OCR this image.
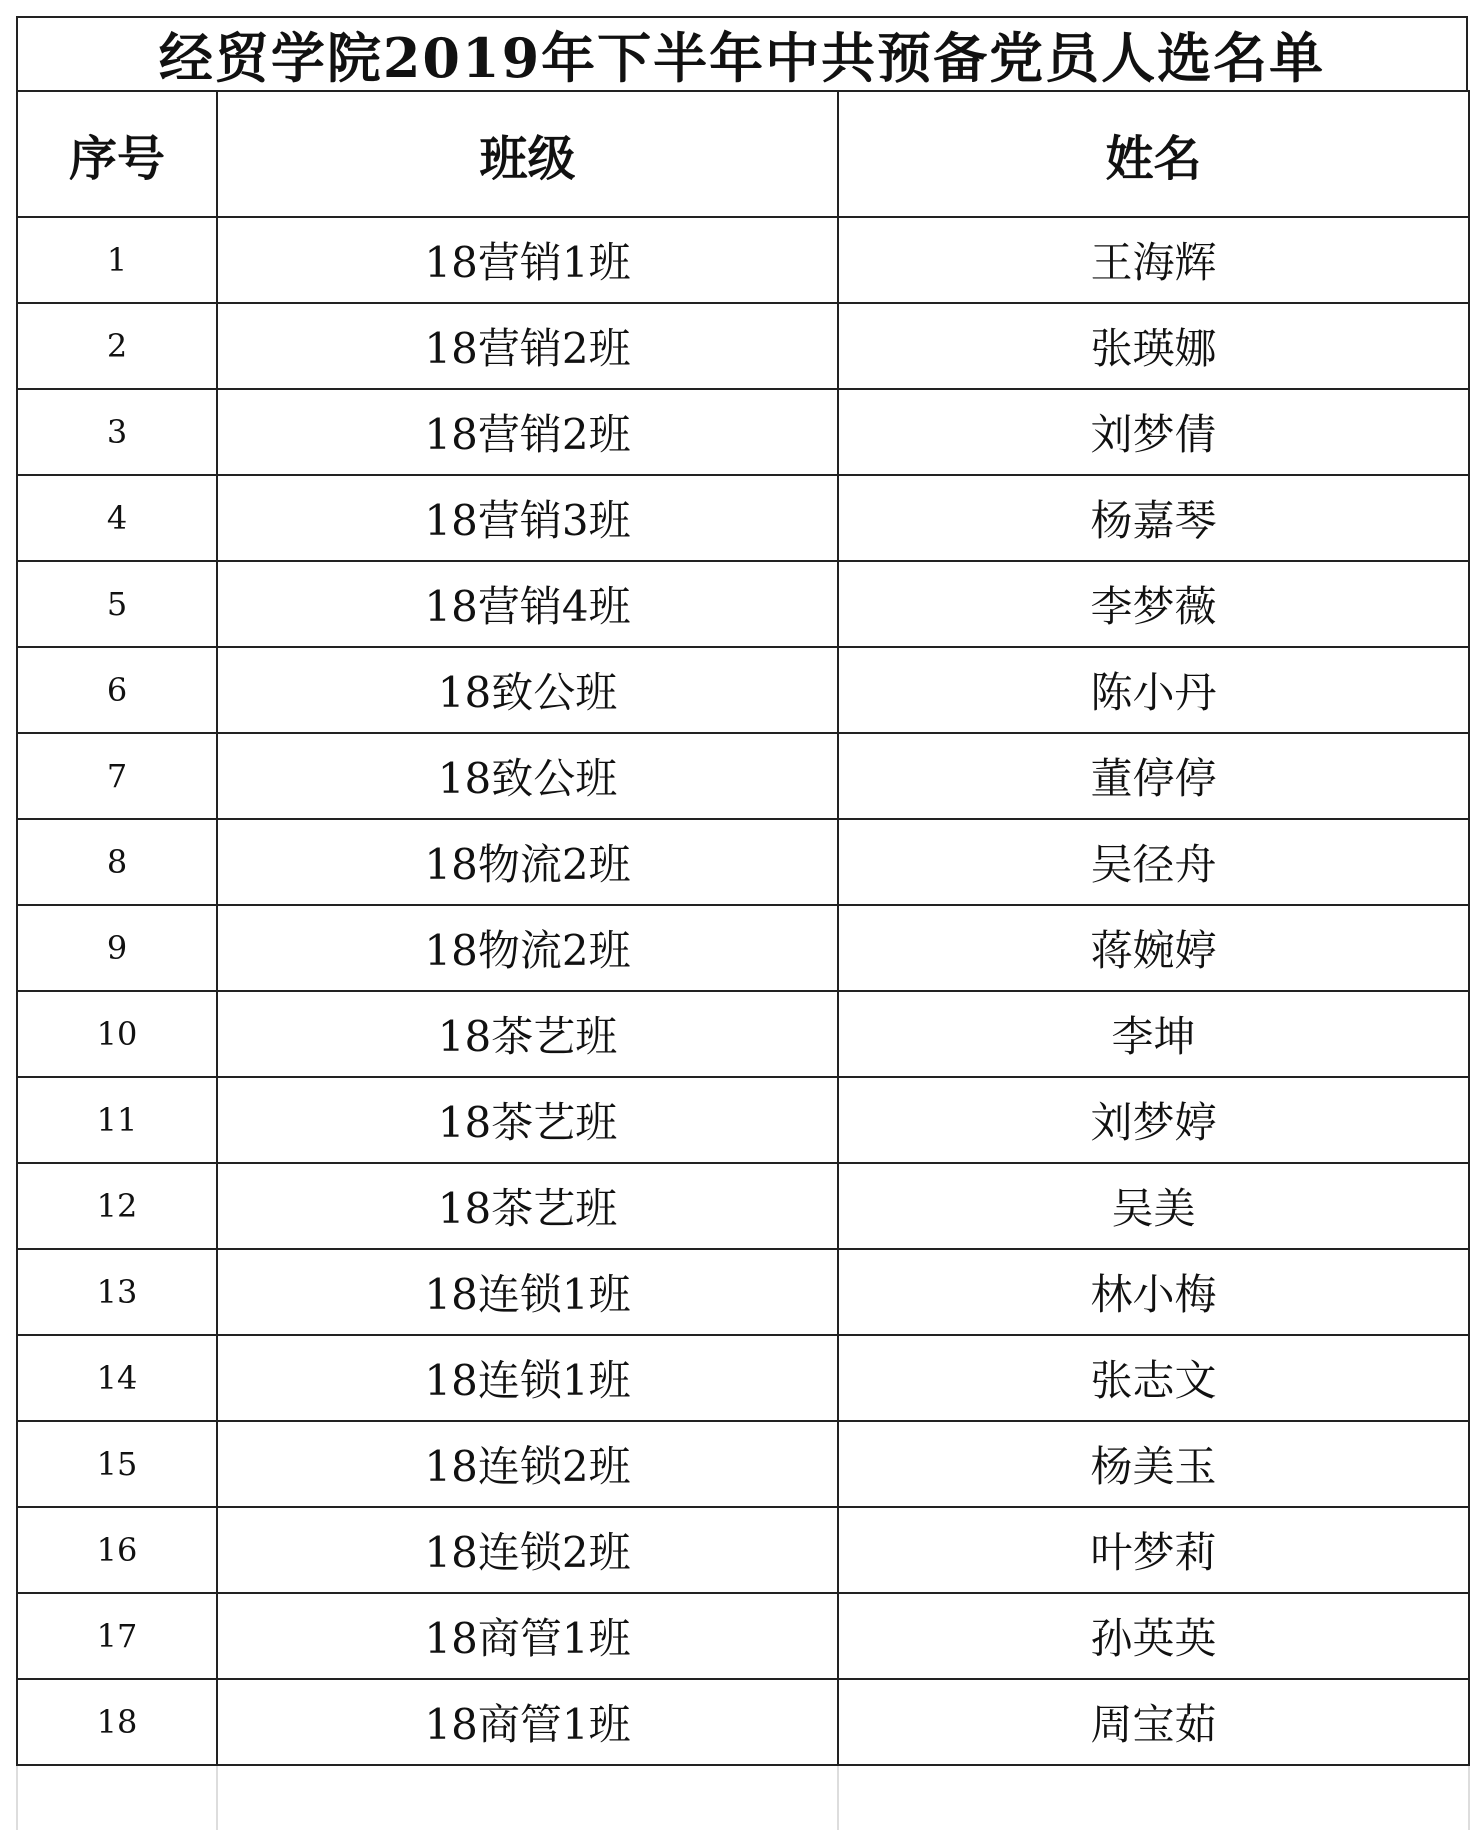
经贸学院2019年下半年中共预备党员人选名单
序号	班级	姓名
1	18营销1班	王海辉
2	18营销2班	张瑛娜
3	18营销2班	刘梦倩
4	18营销3班	杨嘉琴
5	18营销4班	李梦薇
6	18致公班	陈小丹
7	18致公班	董停停
8	18物流2班	吴径舟
9	18物流2班	蒋婉婷
10	18茶艺班	李坤
11	18茶艺班	刘梦婷
12	18茶艺班	吴美
13	18连锁1班	林小梅
14	18连锁1班	张志文
15	18连锁2班	杨美玉
16	18连锁2班	叶梦莉
17	18商管1班	孙英英
18	18商管1班	周宝茹
